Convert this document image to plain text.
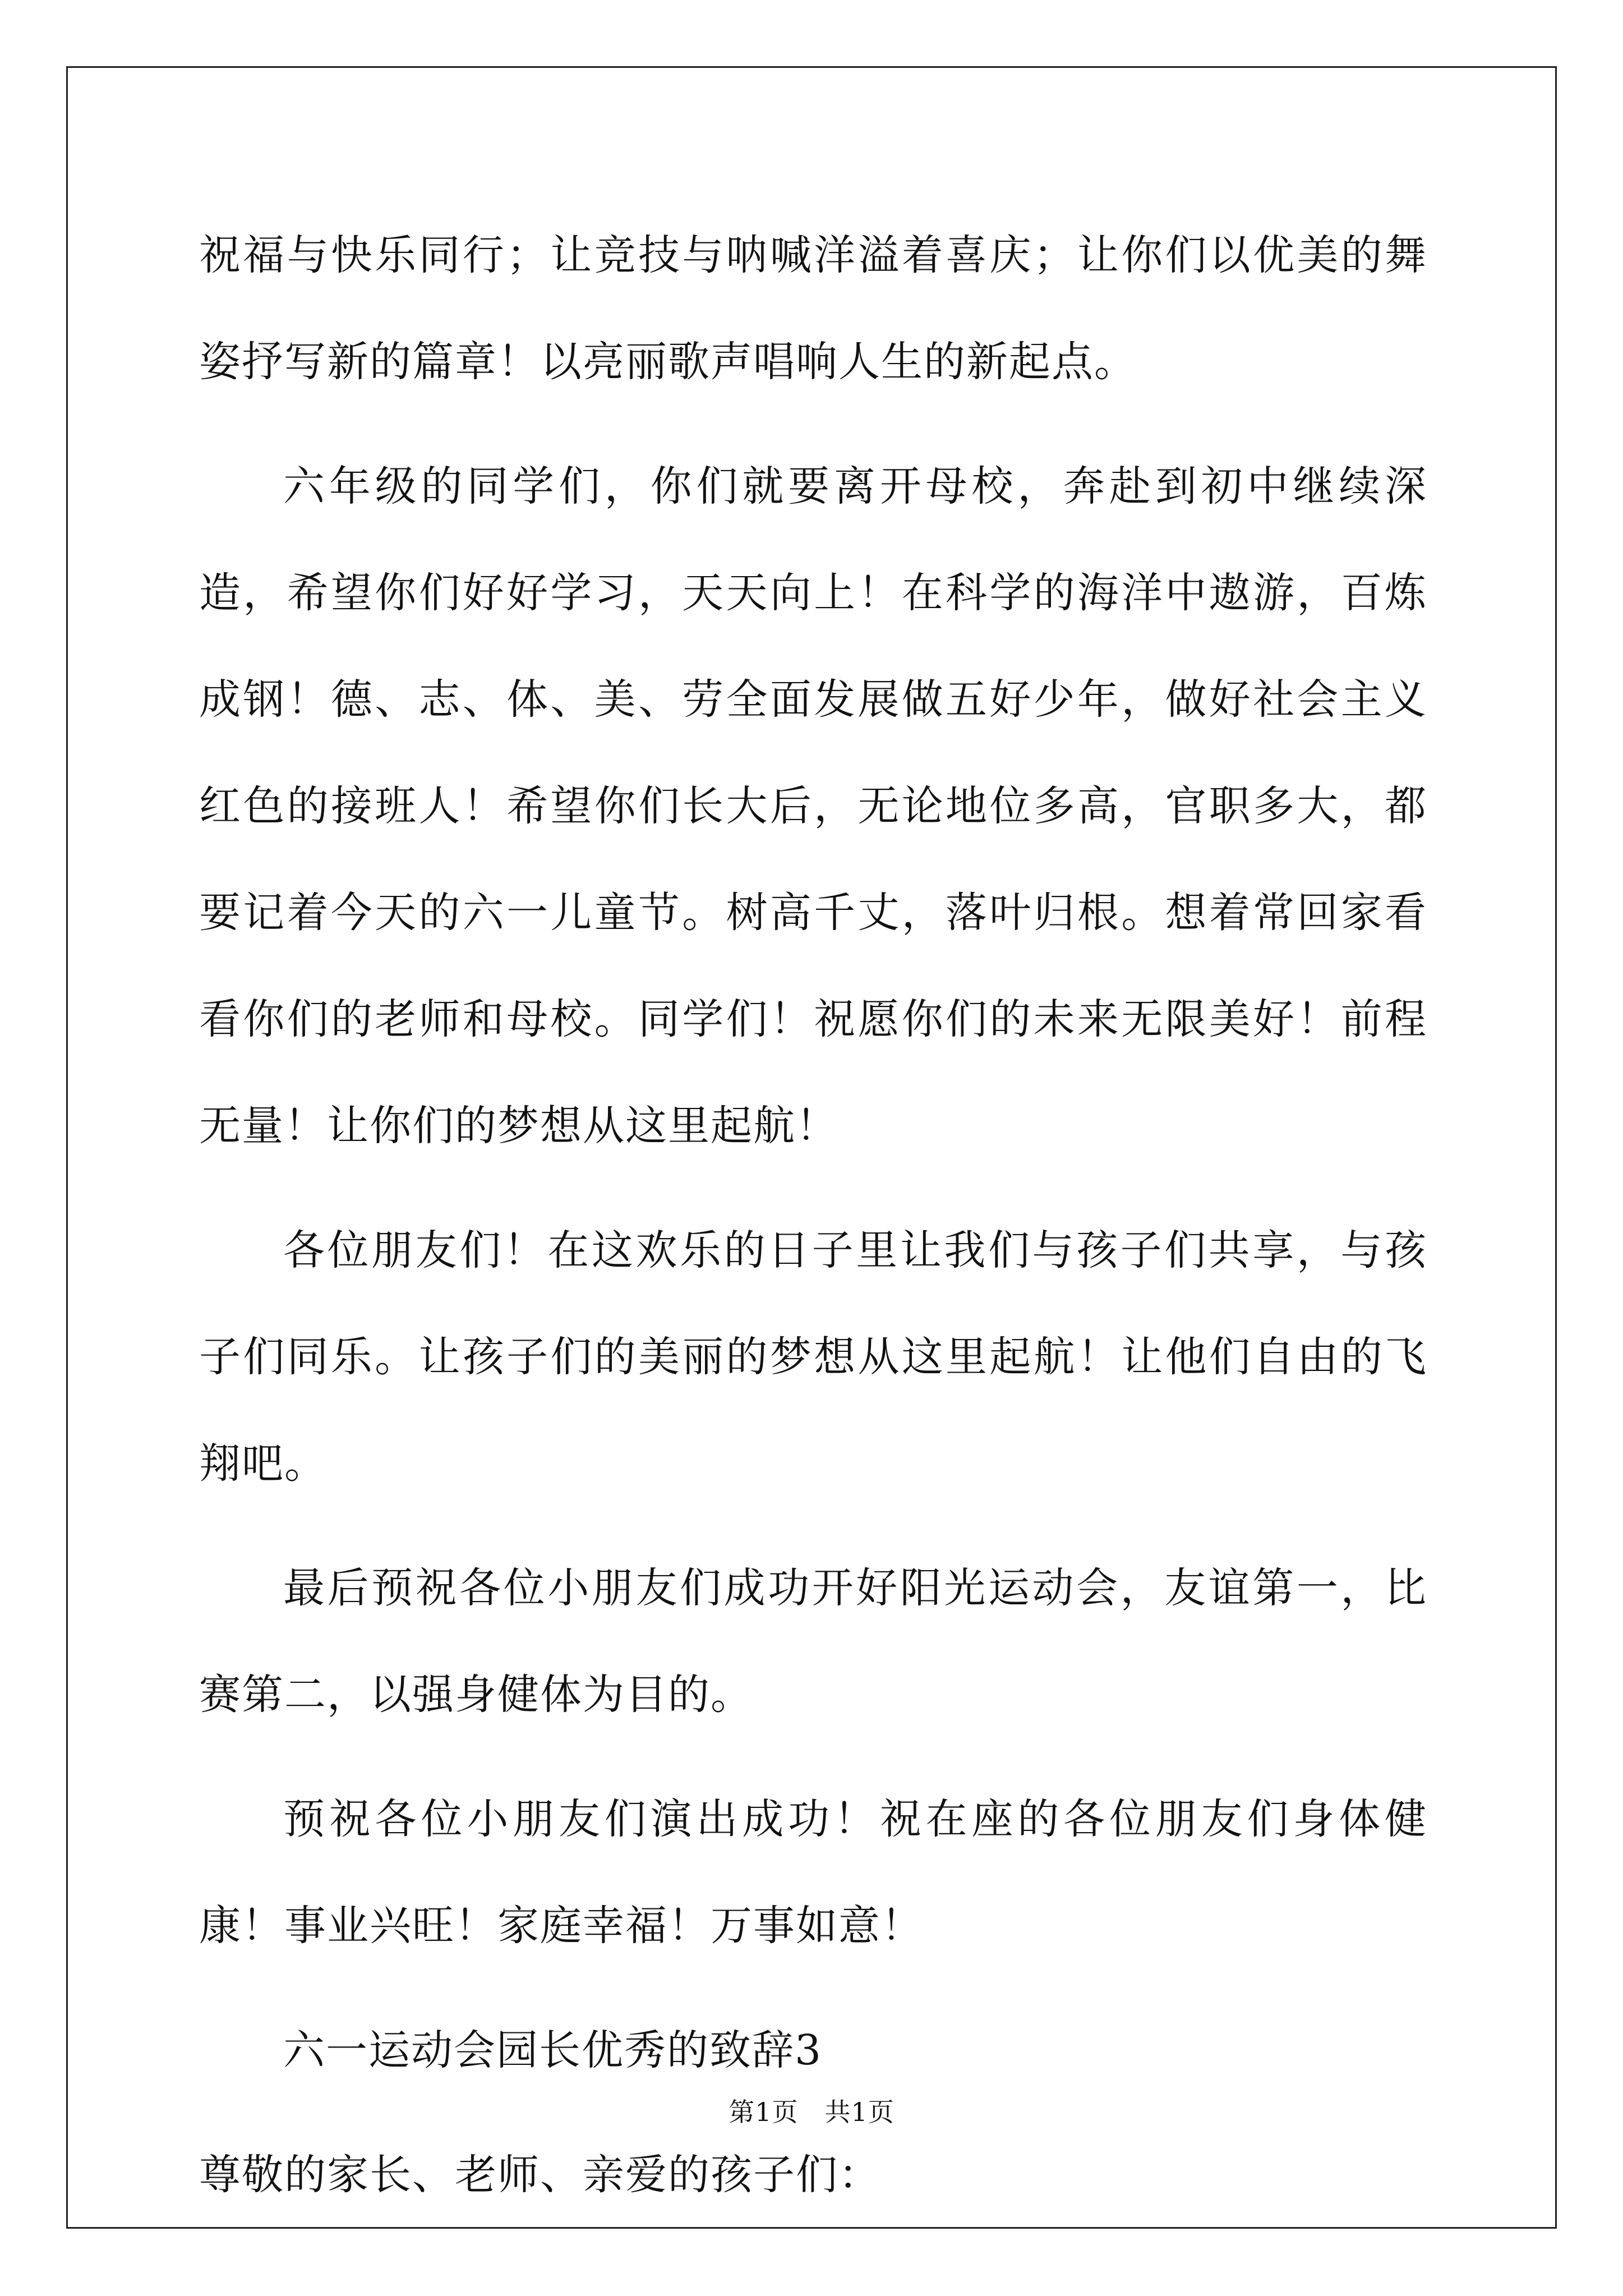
祝福与快乐同行；让竞技与呐喊洋溢着喜庆；让你们以优美的舞姿抒写新的篇章！以亮丽歌声唱响人生的新起点。

六年级的同学们，你们就要离开母校，奔赴到初中继续深造，希望你们好好学习，天天向上！在科学的海洋中遨游，百炼成钢！德、志、体、美、劳全面发展做五好少年，做好社会主义红色的接班人！希望你们长大后，无论地位多高，官职多大，都要记着今天的六一儿童节。树高千丈，落叶归根。想着常回家看看你们的老师和母校。同学们！祝愿你们的未来无限美好！前程无量！让你们的梦想从这里起航！

各位朋友们！在这欢乐的日子里让我们与孩子们共享，与孩子们同乐。让孩子们的美丽的梦想从这里起航！让他们自由的飞翔吧。

最后预祝各位小朋友们成功开好阳光运动会，友谊第一，比赛第二，以强身健体为目的。

预祝各位小朋友们演出成功！祝在座的各位朋友们身体健康！事业兴旺！家庭幸福！万事如意！

六一运动会园长优秀的致辞3

尊敬的家长、老师、亲爱的孩子们：

第1页　共1页
